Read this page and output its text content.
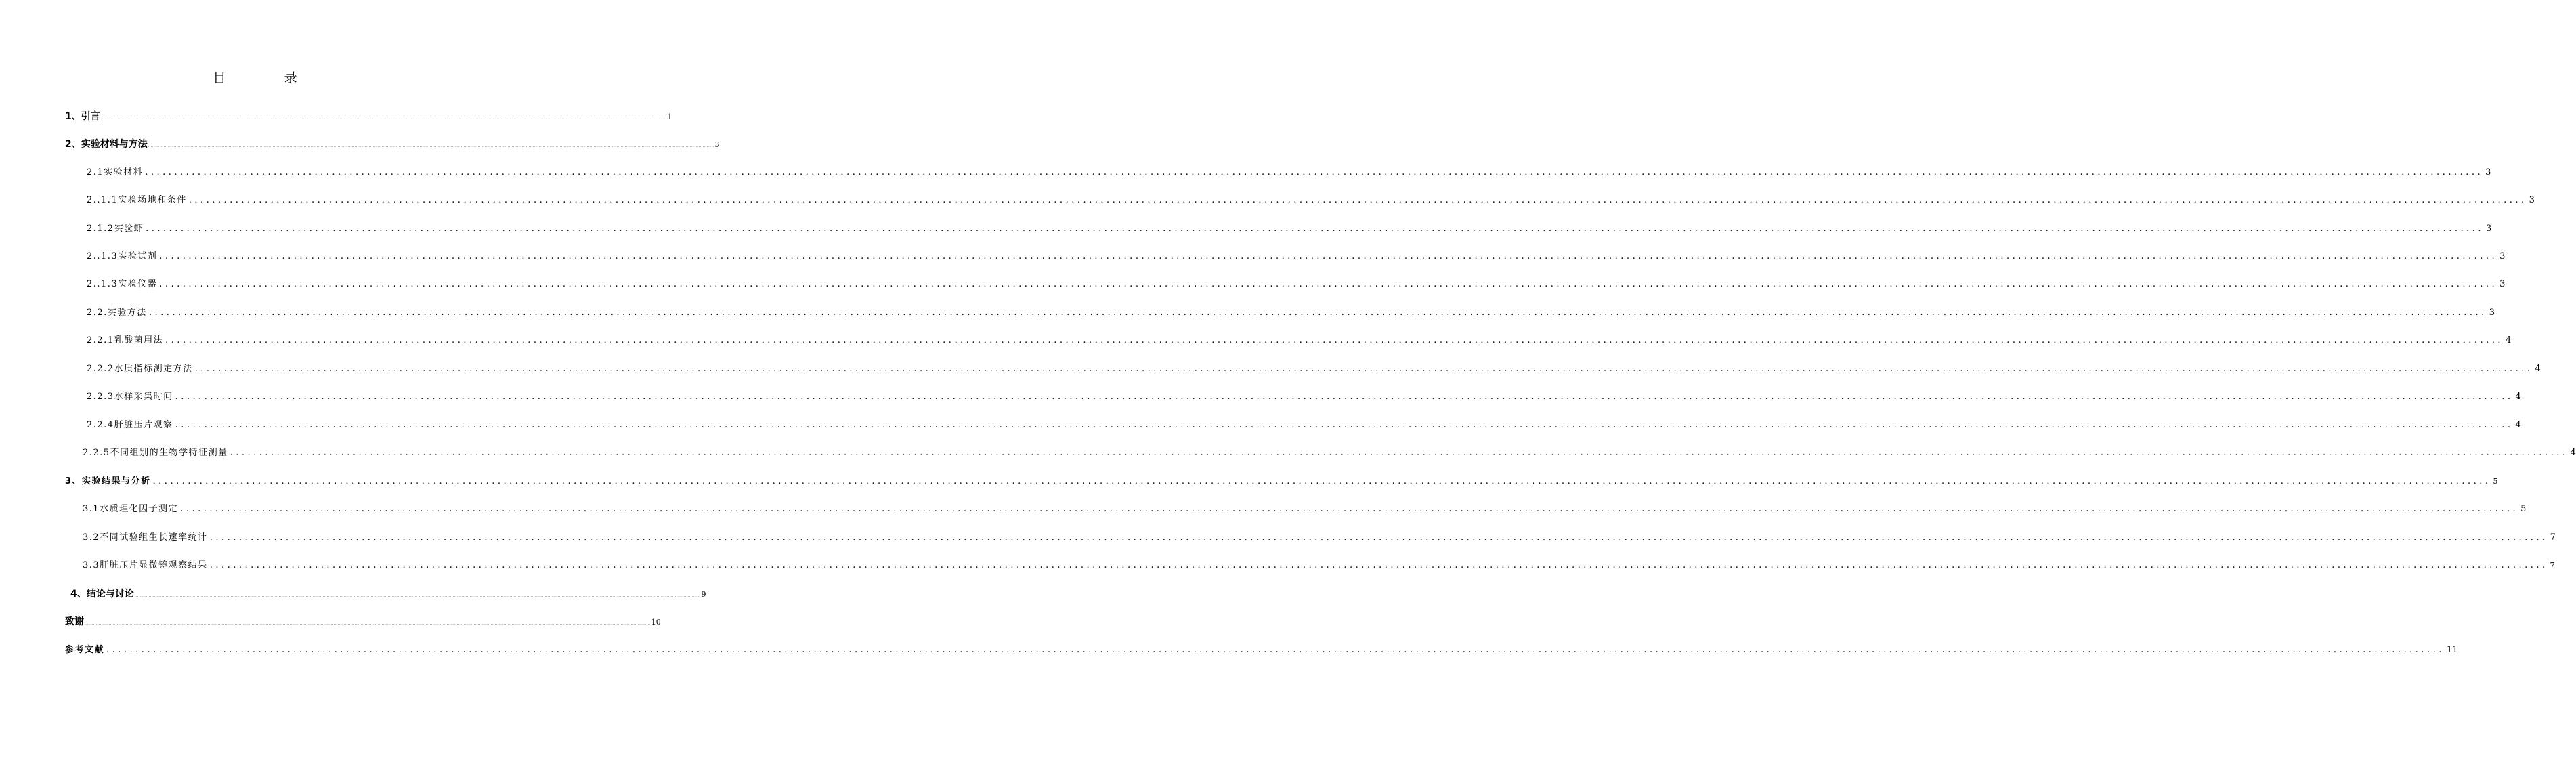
目 录
1、引言 ................................................................................................................................................................................................................................................................................................................................................................................................................ 1
2、实验材料与方法 ................................................................................................................................................................................................................................................................................................................................................................................................................ 3
2.1实验材料 ................................................................................................................................................................................................................................................................................................................................................................................................................ 3
2..1.1实验场地和条件 ................................................................................................................................................................................................................................................................................................................................................................................................................ 3
2.1.2实验虾 ................................................................................................................................................................................................................................................................................................................................................................................................................ 3
2..1.3实验试剂 ................................................................................................................................................................................................................................................................................................................................................................................................................ 3
2..1.3实验仪器 ................................................................................................................................................................................................................................................................................................................................................................................................................ 3
2.2.实验方法 ................................................................................................................................................................................................................................................................................................................................................................................................................ 3
2.2.1乳酸菌用法 ................................................................................................................................................................................................................................................................................................................................................................................................................ 4
2.2.2水质指标测定方法 ................................................................................................................................................................................................................................................................................................................................................................................................................ 4
2.2.3水样采集时间 ................................................................................................................................................................................................................................................................................................................................................................................................................ 4
2.2.4肝脏压片观察 ................................................................................................................................................................................................................................................................................................................................................................................................................ 4
2.2.5不同组别的生物学特征测量 ................................................................................................................................................................................................................................................................................................................................................................................................................ 4
3、实验结果与分析 ................................................................................................................................................................................................................................................................................................................................................................................................................ 5
3.1水质理化因子测定 ................................................................................................................................................................................................................................................................................................................................................................................................................ 5
3.2不同试验组生长速率统计 ................................................................................................................................................................................................................................................................................................................................................................................................................ 7
3.3肝脏压片显微镜观察结果 ................................................................................................................................................................................................................................................................................................................................................................................................................ 7
4、结论与讨论 ................................................................................................................................................................................................................................................................................................................................................................................................................ 9
致谢 ................................................................................................................................................................................................................................................................................................................................................................................................................ 10
参考文献 ................................................................................................................................................................................................................................................................................................................................................................................................................ 11
